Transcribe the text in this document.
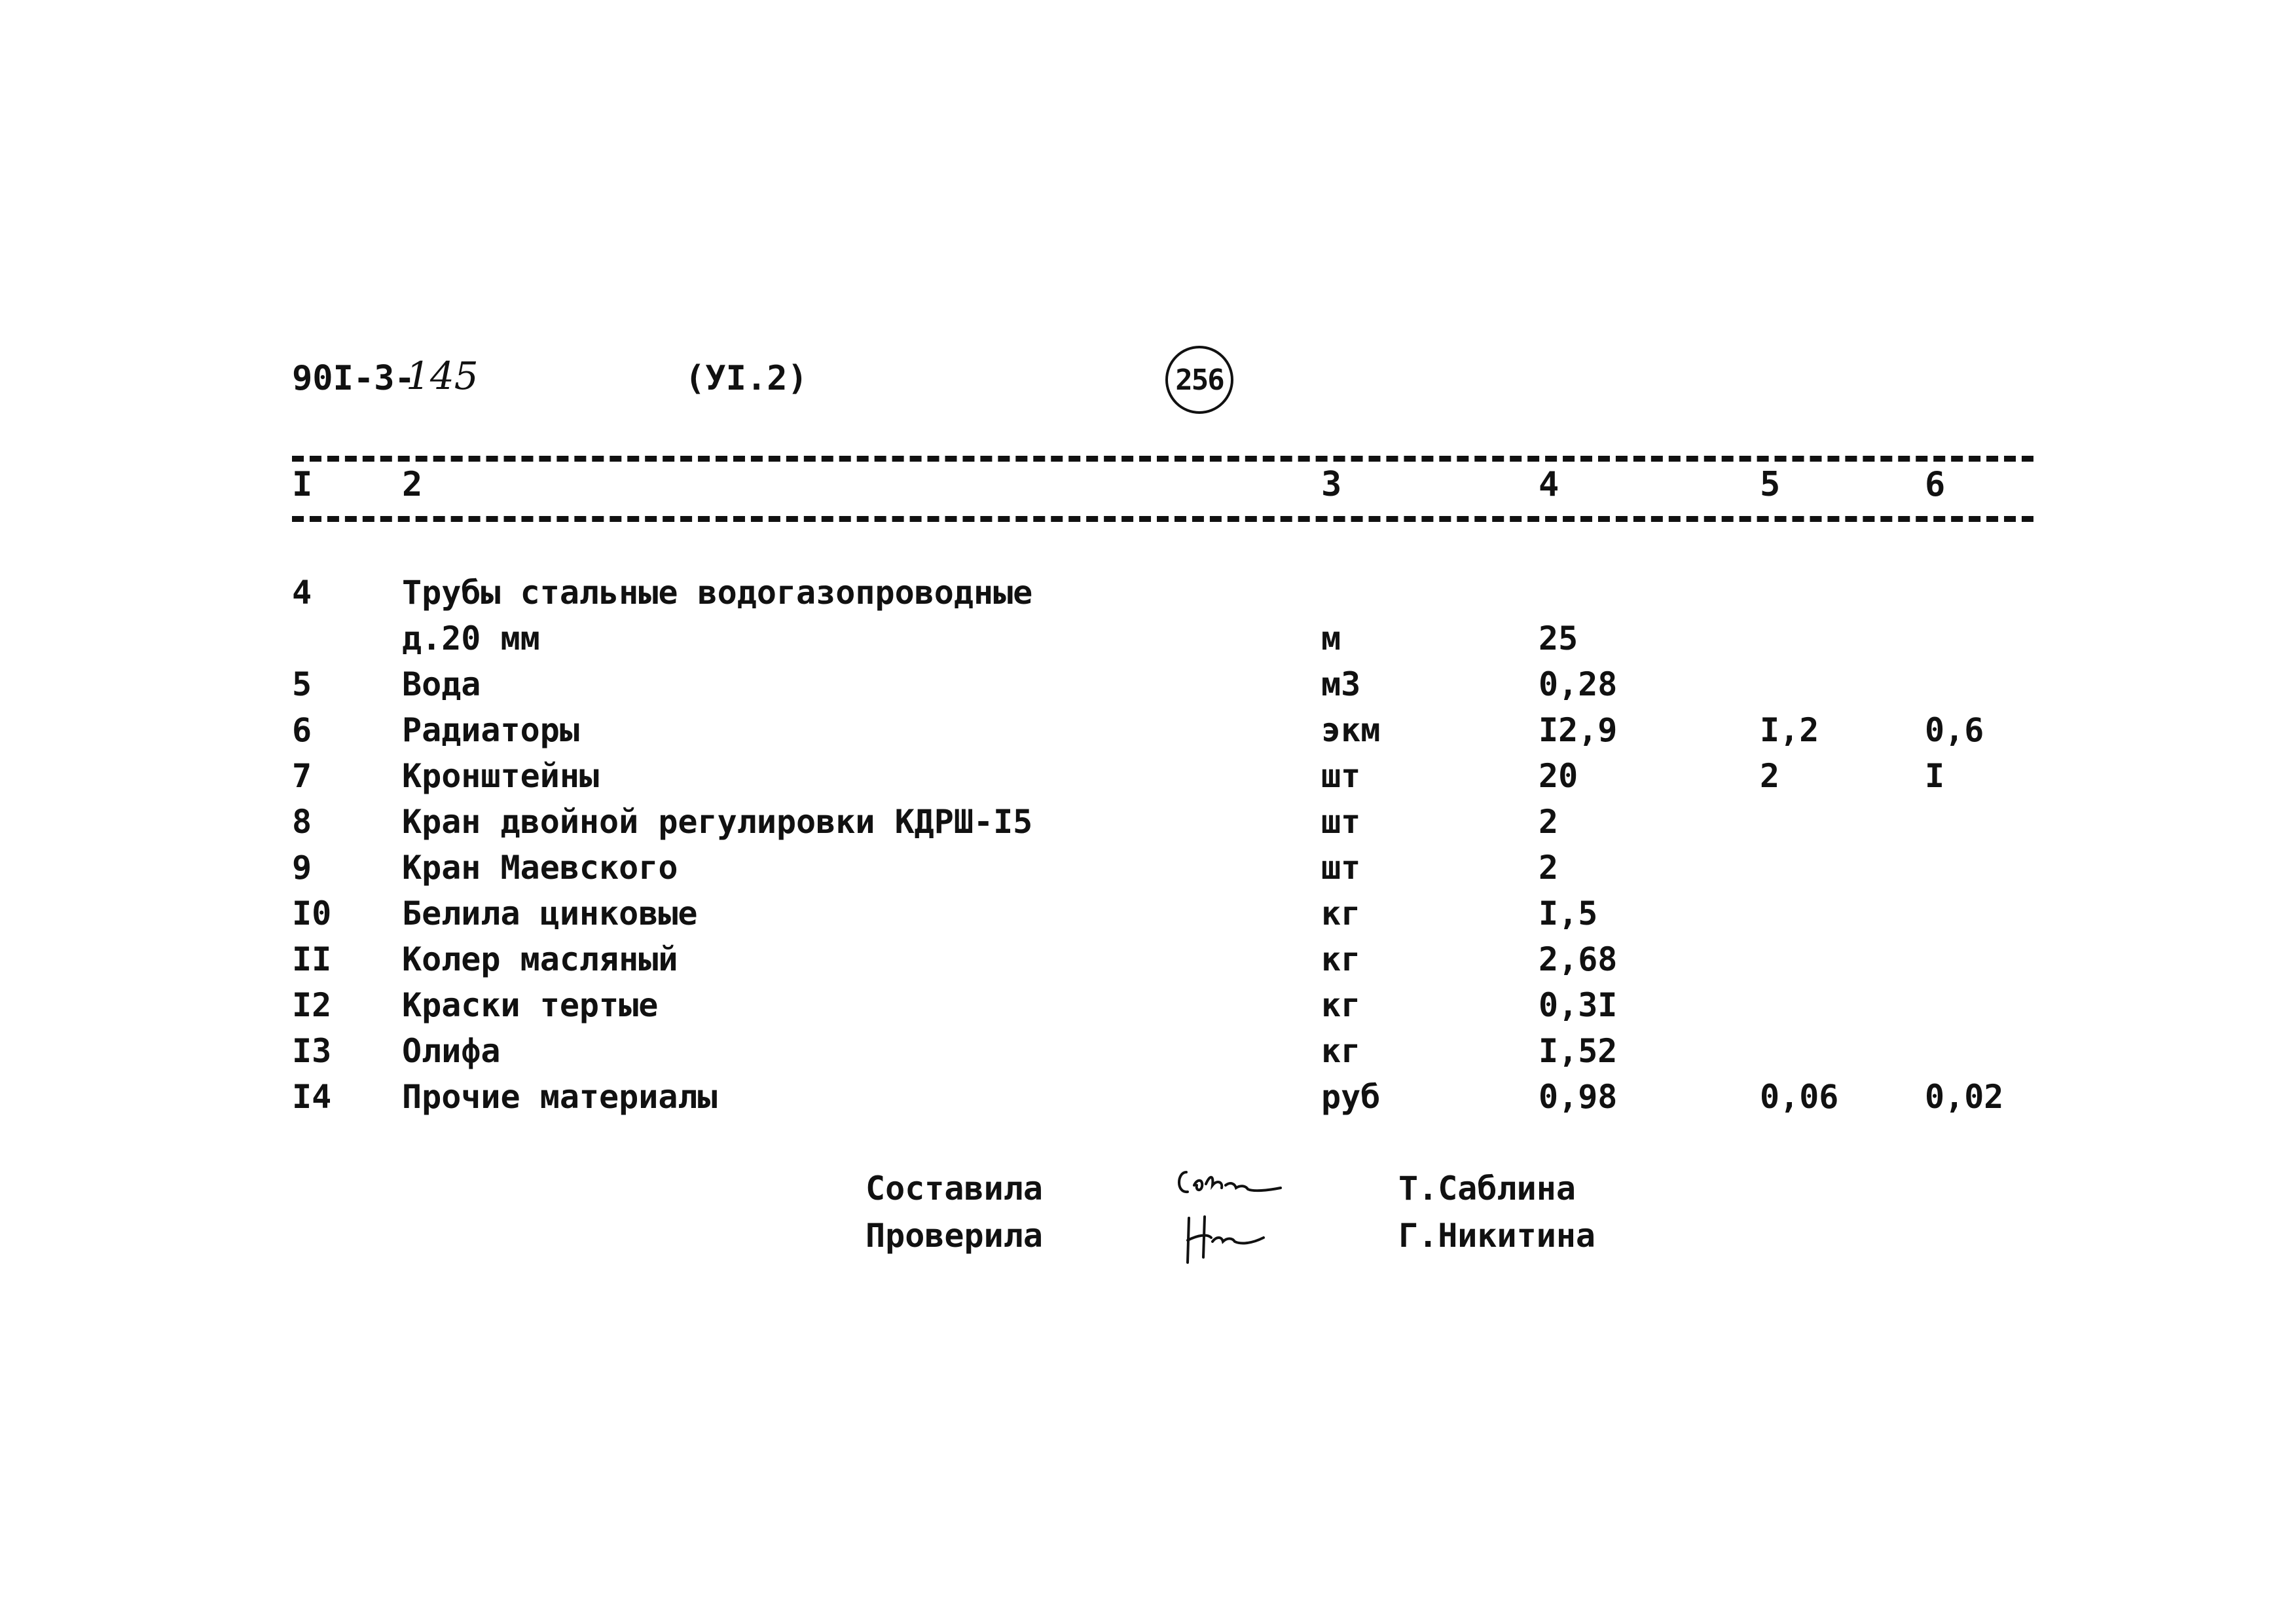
90I-3-
145	(УI.2)	256
I	2	3	4	5	6
4	Трубы стальные водогазопроводные
д.20 мм	м	25
5	Вода	м3	0,28
6	Радиаторы	экм	I2,9	I,2	0,6
7	Кронштейны	шт	20	2	I
8	Кран двойной регулировки КДРШ-I5	шт	2
9	Кран Маевского	шт	2
I0 Белила цинковые	кг	I,5
II Колер масляный	кг	2,68
I2 Краски тертые	кг	0,3I
I3 Олифа	кг	I,52
I4 Прочие материалы	руб	0,98	0,06	0,02
Составила	Т.Саблина
Проверила	Г.Никитина
